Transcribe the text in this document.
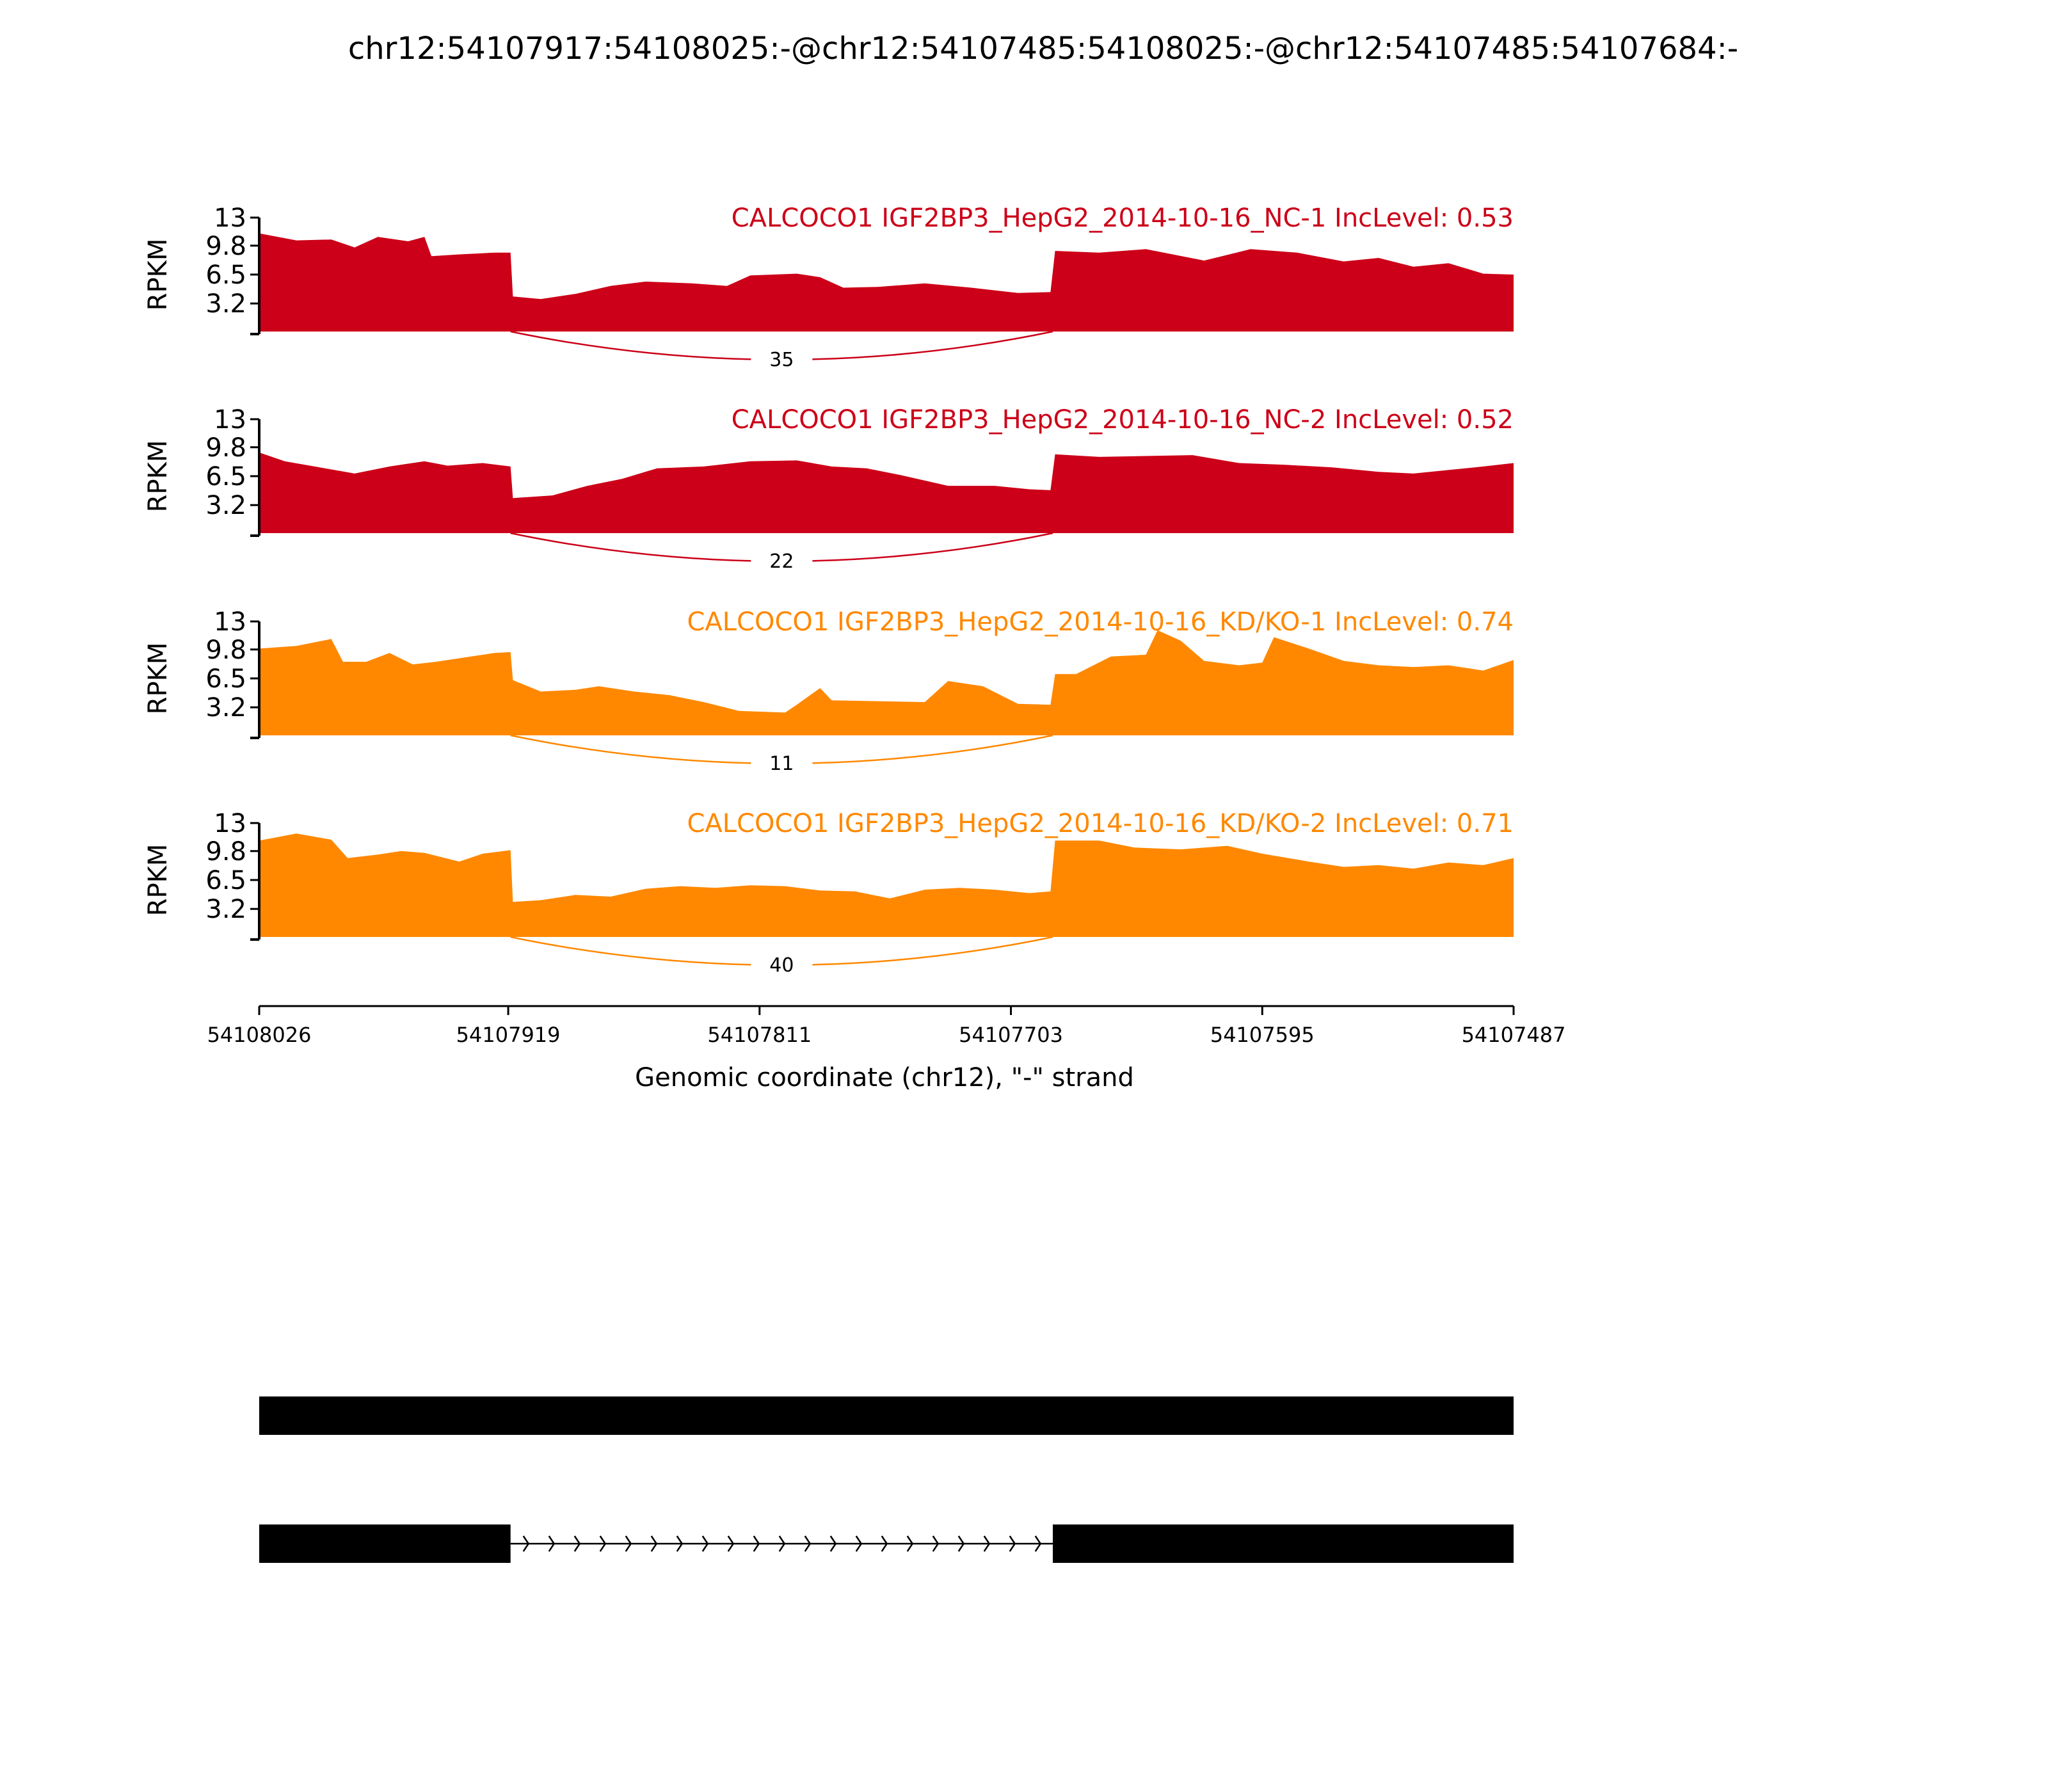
chr12:54107917:54108025:-@chr12:54107485:54108025:-@chr12:54107485:54107684:-
3.2
6.5
9.8
13
RPKM
CALCOCO1 IGF2BP3_HepG2_2014-10-16_NC-1 IncLevel: 0.53
35
3.2
6.5
9.8
13
RPKM
CALCOCO1 IGF2BP3_HepG2_2014-10-16_NC-2 IncLevel: 0.52
22
3.2
6.5
9.8
13
RPKM
CALCOCO1 IGF2BP3_HepG2_2014-10-16_KD/KO-1 IncLevel: 0.74
11
3.2
6.5
9.8
13
RPKM
CALCOCO1 IGF2BP3_HepG2_2014-10-16_KD/KO-2 IncLevel: 0.71
40
54108026	54107919	54107811	54107703	54107595	54107487
Genomic coordinate (chr12), "-" strand
